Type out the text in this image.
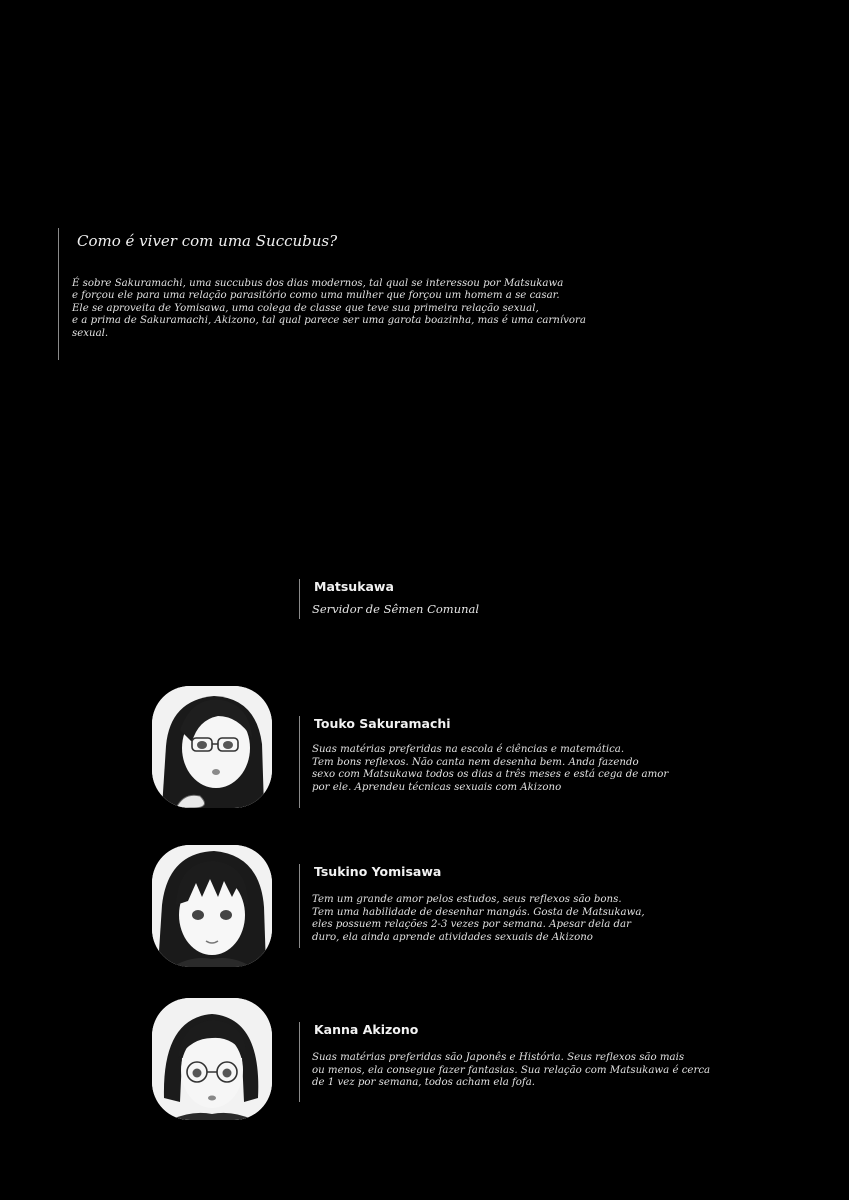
Como é viver com uma Succubus?
É sobre Sakuramachi, uma succubus dos dias modernos, tal qual se interessou por Matsukawa
e forçou ele para uma relação parasitório como uma mulher que forçou um homem a se casar.
Ele se aproveita de Yomisawa, uma colega de classe que teve sua primeira relação sexual,
e a prima de Sakuramachi, Akizono, tal qual parece ser uma garota boazinha, mas é uma carnívora
sexual.
Matsukawa
Servidor de Sêmen Comunal
Touko Sakuramachi
Suas matérias preferidas na escola é ciências e matemática.
Tem bons reflexos. Não canta nem desenha bem. Anda fazendo
sexo com Matsukawa todos os dias a três meses e está cega de amor
por ele. Aprendeu técnicas sexuais com Akizono
Tsukino Yomisawa
Tem um grande amor pelos estudos, seus reflexos são bons.
Tem uma habilidade de desenhar mangás. Gosta de Matsukawa,
eles possuem relações 2-3 vezes por semana. Apesar dela dar
duro, ela ainda aprende atividades sexuais de Akizono
Kanna Akizono
Suas matérias preferidas são Japonês e História. Seus reflexos são mais
ou menos, ela consegue fazer fantasias. Sua relação com Matsukawa é cerca
de 1 vez por semana, todos acham ela fofa.
